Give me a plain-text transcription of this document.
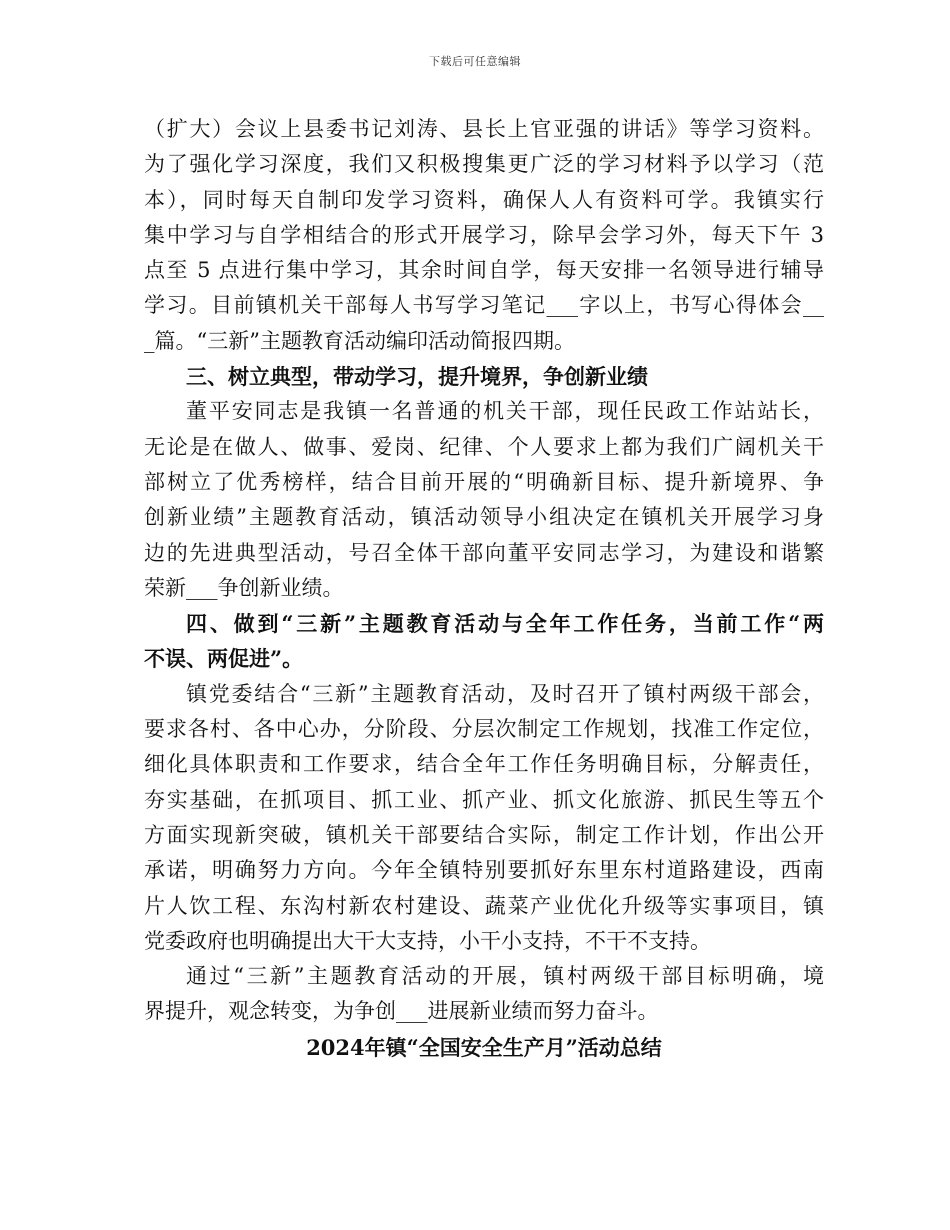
下载后可任意编辑
（扩大）会议上县委书记刘涛、县长上官亚强的讲话》等学习资料。
为了强化学习深度，我们又积极搜集更广泛的学习材料予以学习（范
本），同时每天自制印发学习资料，确保人人有资料可学。我镇实行
集中学习与自学相结合的形式开展学习，除早会学习外，每天下午 3
点至 5 点进行集中学习，其余时间自学，每天安排一名领导进行辅导
学习。目前镇机关干部每人书写学习笔记___字以上，书写心得体会__
_篇。“三新”主题教育活动编印活动简报四期。
三、树立典型，带动学习，提升境界，争创新业绩
董平安同志是我镇一名普通的机关干部，现任民政工作站站长，
无论是在做人、做事、爱岗、纪律、个人要求上都为我们广阔机关干
部树立了优秀榜样，结合目前开展的“明确新目标、提升新境界、争
创新业绩”主题教育活动，镇活动领导小组决定在镇机关开展学习身
边的先进典型活动，号召全体干部向董平安同志学习，为建设和谐繁
荣新___争创新业绩。
四、做到“三新”主题教育活动与全年工作任务，当前工作“两
不误、两促进”。
镇党委结合“三新”主题教育活动，及时召开了镇村两级干部会，
要求各村、各中心办，分阶段、分层次制定工作规划，找准工作定位，
细化具体职责和工作要求，结合全年工作任务明确目标，分解责任，
夯实基础，在抓项目、抓工业、抓产业、抓文化旅游、抓民生等五个
方面实现新突破，镇机关干部要结合实际，制定工作计划，作出公开
承诺，明确努力方向。今年全镇特别要抓好东里东村道路建设，西南
片人饮工程、东沟村新农村建设、蔬菜产业优化升级等实事项目，镇
党委政府也明确提出大干大支持，小干小支持，不干不支持。
通过“三新”主题教育活动的开展，镇村两级干部目标明确，境
界提升，观念转变，为争创___进展新业绩而努力奋斗。
2024年镇“全国安全生产月”活动总结
